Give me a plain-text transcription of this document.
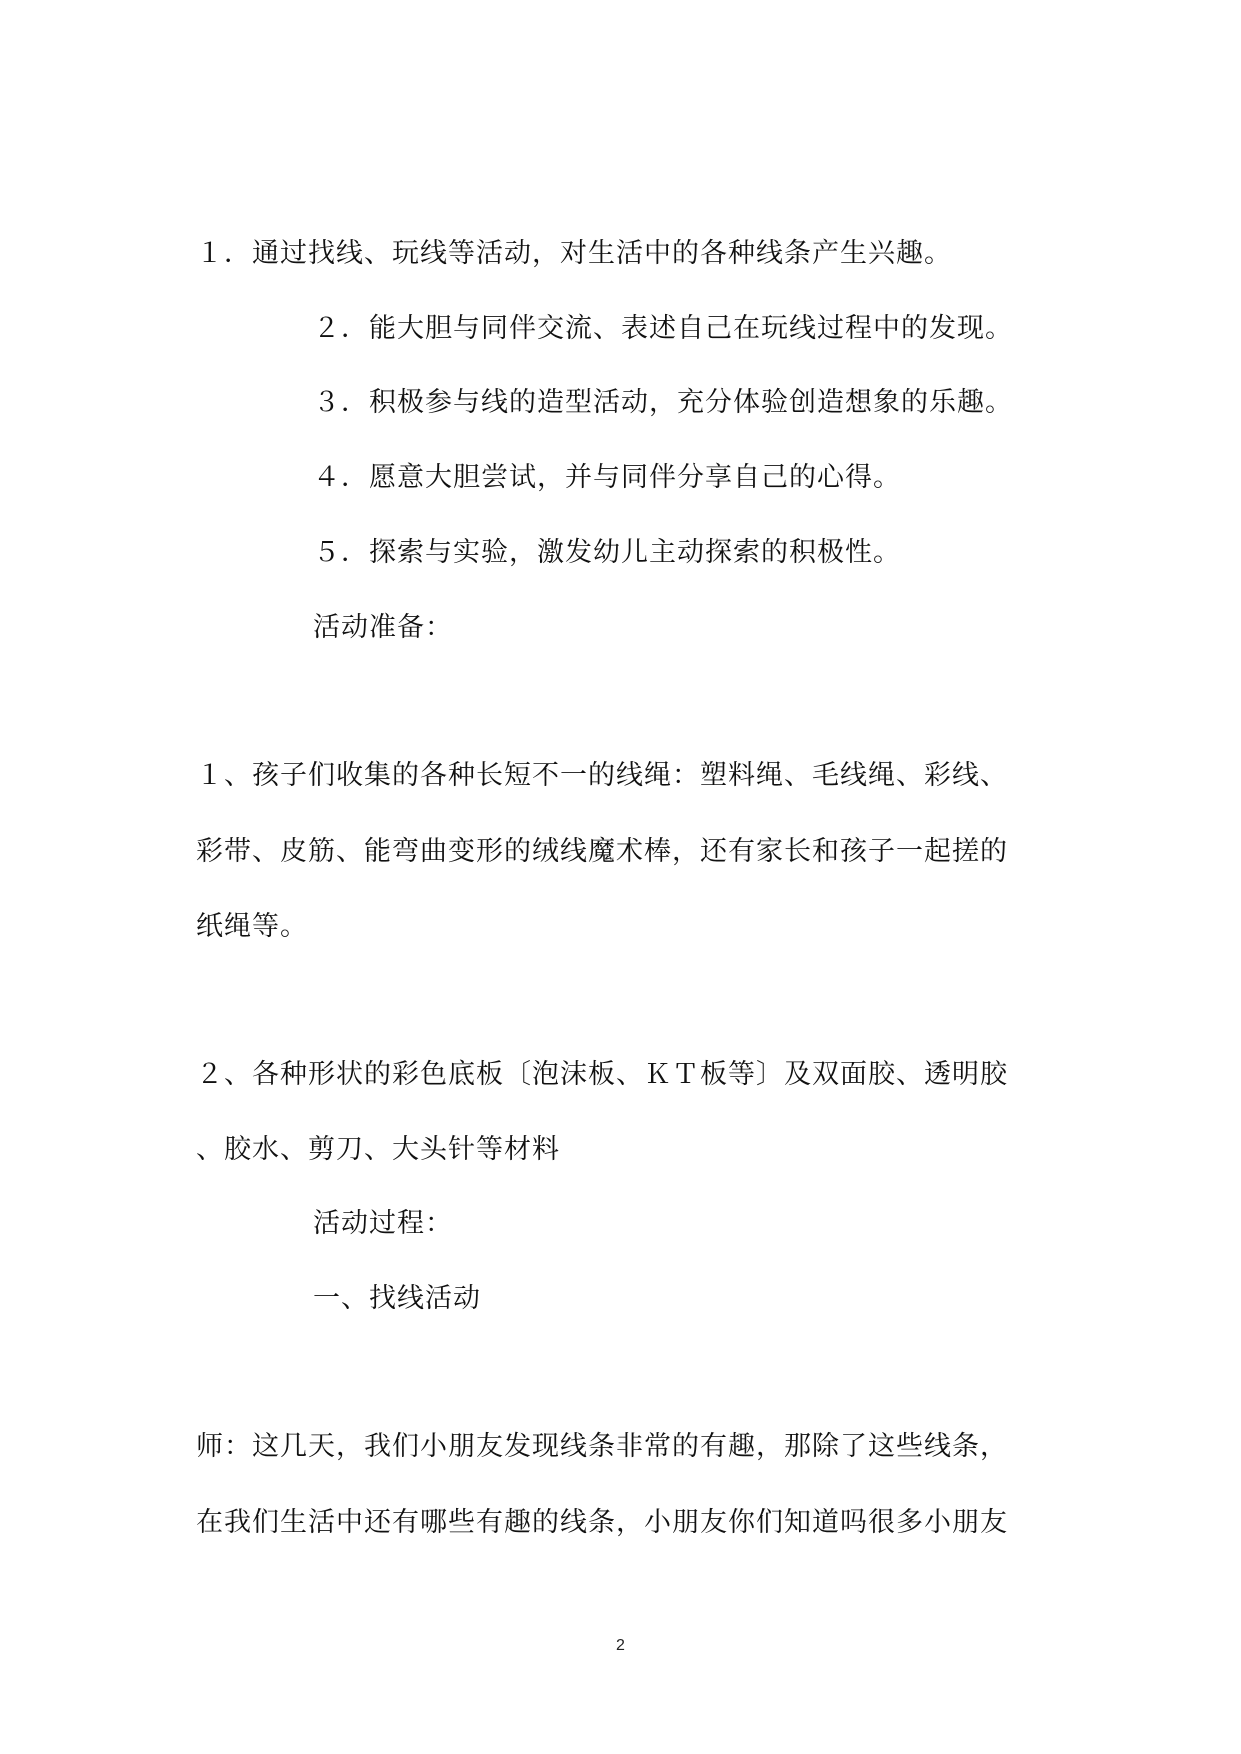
１．通过找线、玩线等活动，对生活中的各种线条产生兴趣。
２．能大胆与同伴交流、表述自己在玩线过程中的发现。
３．积极参与线的造型活动，充分体验创造想象的乐趣。
４．愿意大胆尝试，并与同伴分享自己的心得。
５．探索与实验，激发幼儿主动探索的积极性。
活动准备：
１、孩子们收集的各种长短不一的线绳：塑料绳、毛线绳、彩线、
彩带、皮筋、能弯曲变形的绒线魔术棒，还有家长和孩子一起搓的
纸绳等。
２、各种形状的彩色底板〔泡沫板、ＫＴ板等〕及双面胶、透明胶
、胶水、剪刀、大头针等材料
活动过程：
一、找线活动
师：这几天，我们小朋友发现线条非常的有趣，那除了这些线条，
在我们生活中还有哪些有趣的线条，小朋友你们知道吗很多小朋友
2
